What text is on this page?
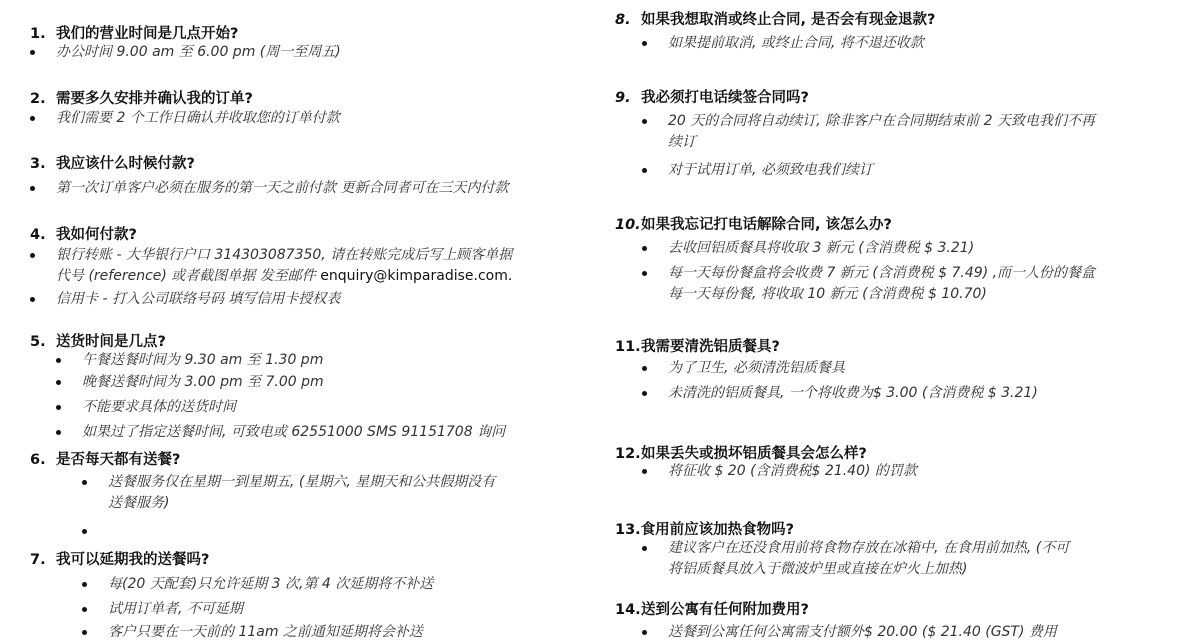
1. 我们的营业时间是几点开始?
办公时间 9.00 am 至 6.00 pm (周一至周五)
2. 需要多久安排并确认我的订单?
我们需要 2 个工作日确认并收取您的订单付款
3. 我应该什么时候付款?
第一次订单客户必须在服务的第一天之前付款 更新合同者可在三天内付款
4. 我如何付款?
银行转账 - 大华银行户口 314303087350, 请在转账完成后写上顾客单据
代号 (reference) 或者截图单据 发至邮件 enquiry@kimparadise.com.
信用卡 - 打入公司联络号码 填写信用卡授权表
5. 送货时间是几点?
午餐送餐时间为 9.30 am 至 1.30 pm
晚餐送餐时间为 3.00 pm 至 7.00 pm
不能要求具体的送货时间
如果过了指定送餐时间, 可致电或 62551000 SMS 91151708 询问
6. 是否每天都有送餐?
送餐服务仅在星期一到星期五, (星期六, 星期天和公共假期没有
送餐服务)
7. 我可以延期我的送餐吗?
每(20 天配套)只允许延期 3 次,第 4 次延期将不补送
试用订单者, 不可延期
客户只要在一天前的 11am 之前通知延期将会补送
8. 如果我想取消或终止合同, 是否会有现金退款?
如果提前取消, 或终止合同, 将不退还收款
9. 我必须打电话续签合同吗?
20 天的合同将自动续订, 除非客户在合同期结束前 2 天致电我们不再
续订
对于试用订单, 必须致电我们续订
10.如果我忘记打电话解除合同, 该怎么办?
去收回铝质餐具将收取 3 新元 (含消费税 $ 3.21)
每一天每份餐盒将会收费 7 新元 (含消费税 $ 7.49) ,而一人份的餐盒
每一天每份餐, 将收取 10 新元 (含消费税 $ 10.70)
11.我需要清洗铝质餐具?
为了卫生, 必须清洗铝质餐具
未清洗的铝质餐具, 一个将收费为$ 3.00 (含消费税 $ 3.21)
12.如果丢失或损坏铝质餐具会怎么样?
将征收 $ 20 (含消费税$ 21.40) 的罚款
13.食用前应该加热食物吗?
建议客户在还没食用前将食物存放在冰箱中, 在食用前加热, (不可
将铝质餐具放入于微波炉里或直接在炉火上加热)
14.送到公寓有任何附加费用?
送餐到公寓任何公寓需支付额外$ 20.00 ($ 21.40 (GST) 费用
